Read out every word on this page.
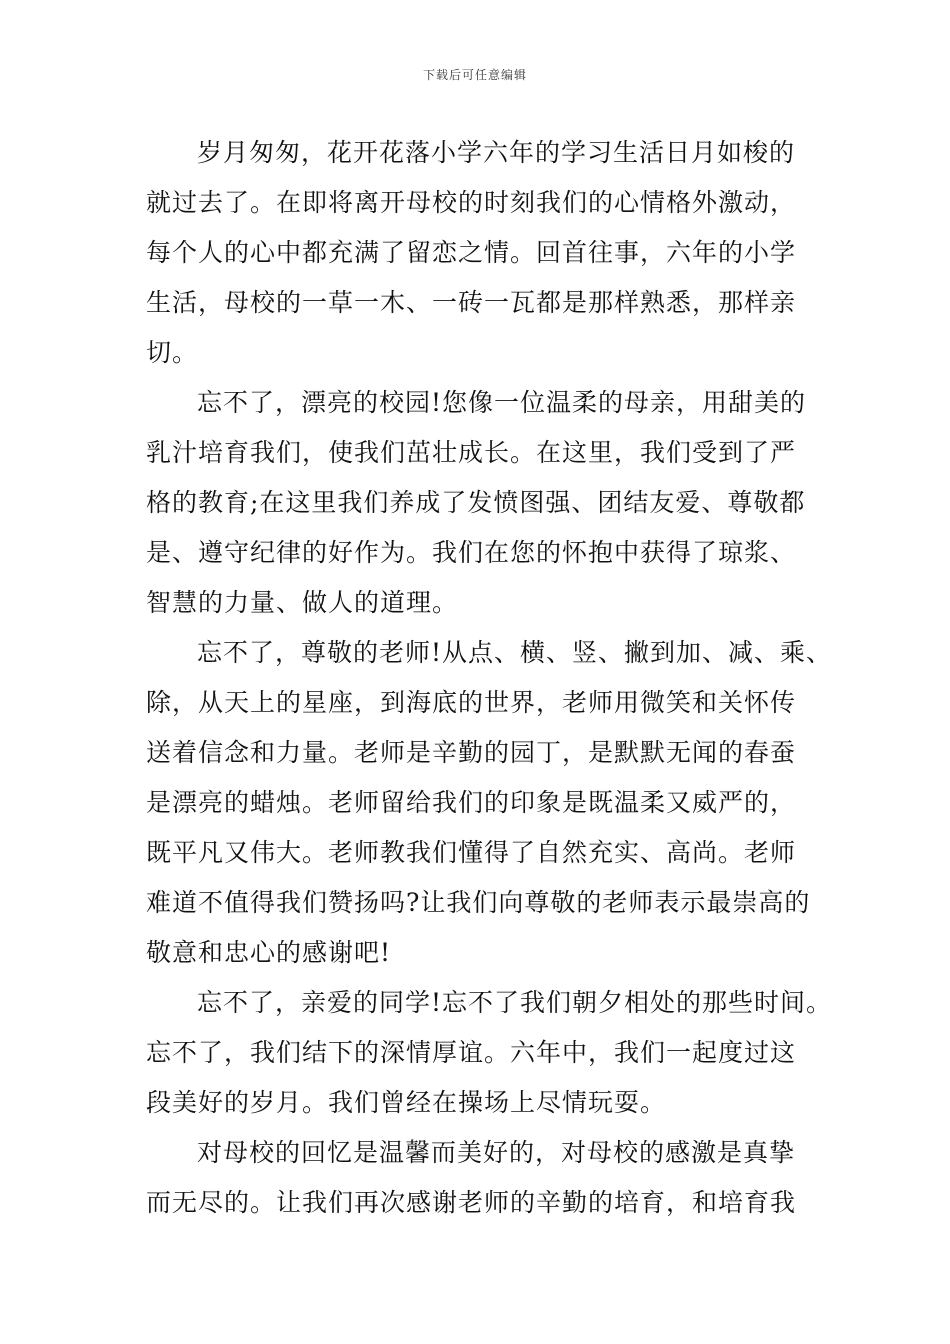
下载后可任意编辑
岁月匆匆，花开花落小学六年的学习生活日月如梭的
就过去了。在即将离开母校的时刻我们的心情格外激动，
每个人的心中都充满了留恋之情。回首往事，六年的小学
生活，母校的一草一木、一砖一瓦都是那样熟悉，那样亲
切。
忘不了，漂亮的校园!您像一位温柔的母亲，用甜美的
乳汁培育我们，使我们茁壮成长。在这里，我们受到了严
格的教育;在这里我们养成了发愤图强、团结友爱、尊敬都
是、遵守纪律的好作为。我们在您的怀抱中获得了琼浆、
智慧的力量、做人的道理。
忘不了，尊敬的老师!从点、横、竖、撇到加、减、乘、
除，从天上的星座，到海底的世界，老师用微笑和关怀传
送着信念和力量。老师是辛勤的园丁，是默默无闻的春蚕
是漂亮的蜡烛。老师留给我们的印象是既温柔又威严的，
既平凡又伟大。老师教我们懂得了自然充实、高尚。老师
难道不值得我们赞扬吗?让我们向尊敬的老师表示最崇高的
敬意和忠心的感谢吧!
忘不了，亲爱的同学!忘不了我们朝夕相处的那些时间。
忘不了，我们结下的深情厚谊。六年中，我们一起度过这
段美好的岁月。我们曾经在操场上尽情玩耍。
对母校的回忆是温馨而美好的，对母校的感激是真挚
而无尽的。让我们再次感谢老师的辛勤的培育，和培育我
